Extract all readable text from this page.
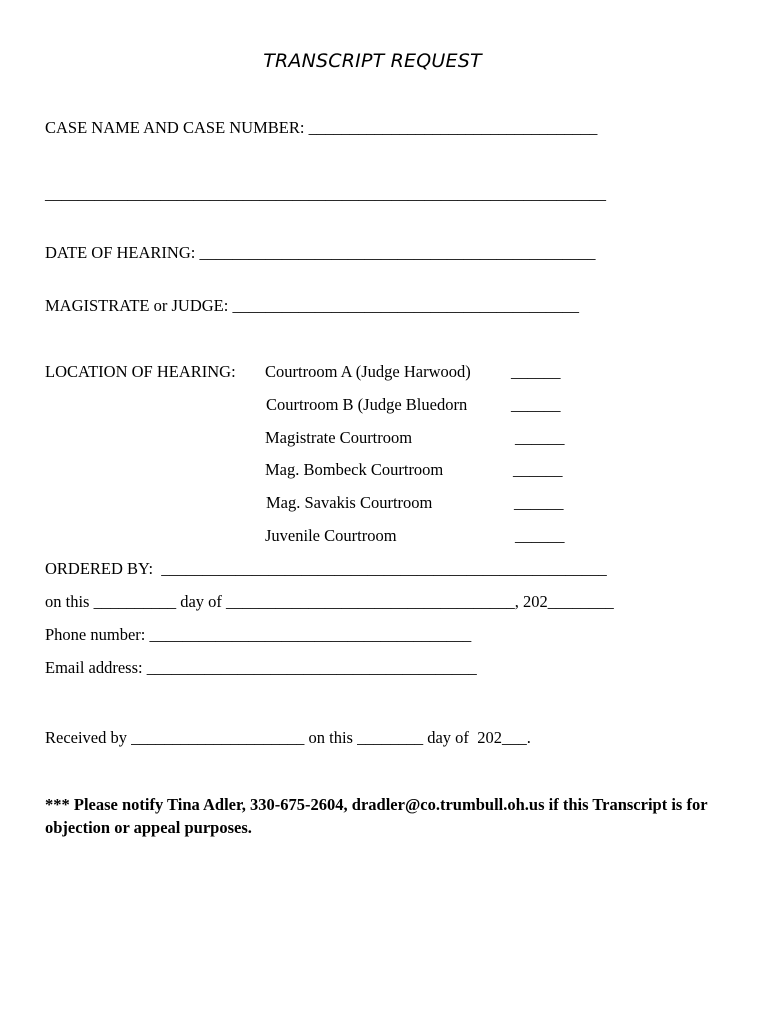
TRANSCRIPT REQUEST
CASE NAME AND CASE NUMBER: ___________________________________
____________________________________________________________________
DATE OF HEARING: ________________________________________________
MAGISTRATE or JUDGE: __________________________________________
LOCATION OF HEARING: Courtroom A (Judge Harwood) ______
Courtroom B (Judge Bluedorn	______
Magistrate Courtroom	______
Mag. Bombeck Courtroom	______
Mag. Savakis Courtroom	______
Juvenile Courtroom	______
ORDERED BY: ______________________________________________________
on this __________ day of ___________________________________, 202________
Phone number: _______________________________________
Email address: ________________________________________
Received by _____________________ on this ________ day of 202___.
*** Please notify Tina Adler, 330-675-2604, dradler@co.trumbull.oh.us if this Transcript is for objection or appeal purposes.
